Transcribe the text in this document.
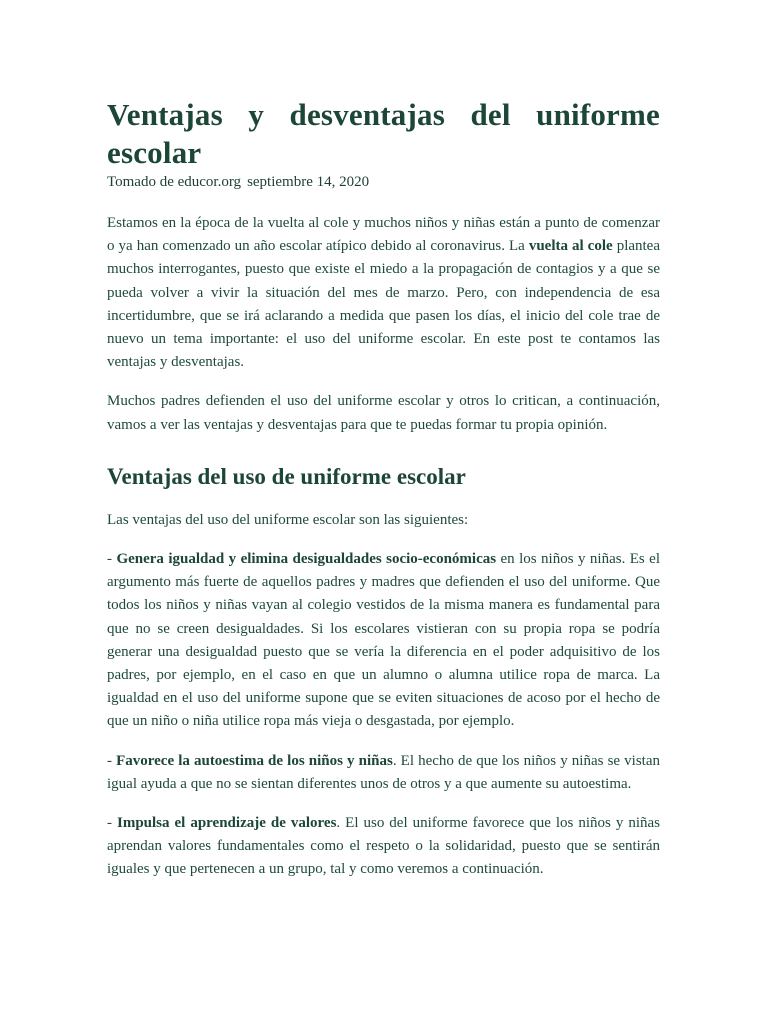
Ventajas y desventajas del uniforme escolar

Tomado de educor.org septiembre 14, 2020

Estamos en la época de la vuelta al cole y muchos niños y niñas están a punto de comenzar o ya han comenzado un año escolar atípico debido al coronavirus. La vuelta al cole plantea muchos interrogantes, puesto que existe el miedo a la propagación de contagios y a que se pueda volver a vivir la situación del mes de marzo. Pero, con independencia de esa incertidumbre, que se irá aclarando a medida que pasen los días, el inicio del cole trae de nuevo un tema importante: el uso del uniforme escolar. En este post te contamos las ventajas y desventajas.

Muchos padres defienden el uso del uniforme escolar y otros lo critican, a continuación, vamos a ver las ventajas y desventajas para que te puedas formar tu propia opinión.

Ventajas del uso de uniforme escolar

Las ventajas del uso del uniforme escolar son las siguientes:

- Genera igualdad y elimina desigualdades socio-económicas en los niños y niñas. Es el argumento más fuerte de aquellos padres y madres que defienden el uso del uniforme. Que todos los niños y niñas vayan al colegio vestidos de la misma manera es fundamental para que no se creen desigualdades. Si los escolares vistieran con su propia ropa se podría generar una desigualdad puesto que se vería la diferencia en el poder adquisitivo de los padres, por ejemplo, en el caso en que un alumno o alumna utilice ropa de marca. La igualdad en el uso del uniforme supone que se eviten situaciones de acoso por el hecho de que un niño o niña utilice ropa más vieja o desgastada, por ejemplo.

- Favorece la autoestima de los niños y niñas. El hecho de que los niños y niñas se vistan igual ayuda a que no se sientan diferentes unos de otros y a que aumente su autoestima.

- Impulsa el aprendizaje de valores. El uso del uniforme favorece que los niños y niñas aprendan valores fundamentales como el respeto o la solidaridad, puesto que se sentirán iguales y que pertenecen a un grupo, tal y como veremos a continuación.
